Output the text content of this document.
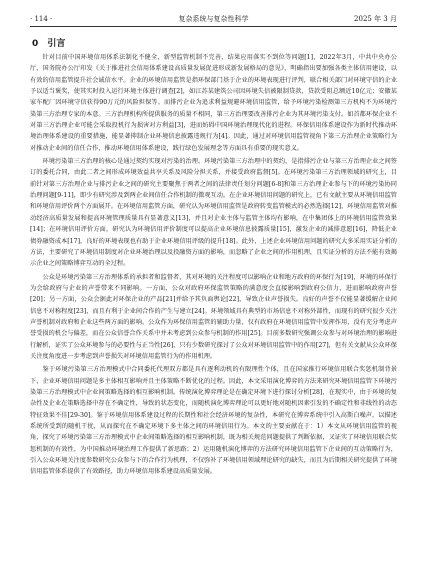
· 114 ·	复杂系统与复杂性科学	2025 年 3 月
0 引言

针对目前中国环境信用体系法制化不健全、新型监管机制不完善，结果应用落实不到位等问题[1]，2022年3月，中共中央办公厅、国务院办公厅印发《关于推进社会信用体系建设高质量发展促进形成新发展格局的意见》，明确指出要加强各类主体信用建设，以有效的信用监管提升社会诚信水平。企业的环境信用监管是指环保部门基于企业的环境表现进行评判，联合相关部门对环境守信的企业予以适当褒奖，使其实时投入运行环境主体进行调查[2]，如江苏某建筑公司因环境失信被限制贷款，贷款受阻总额近10亿元；安徽某家车配厂因环境守信获得90万元的风险担保等。而排污企业为追求利益规避环境信用监管，给予环境污染检测第三方机构不为环境污染第三方治理专家的本意。三方治理机构所提供服务的质量不相同，第三方治理要改善排污企业为其环境污染支付。如首都环保企业不对第三方治理企业可能会采取投机行为损害对方利益[3]，进而妨碍中国环境治理现代化的进程。环保信用体系建设作为新时代推动环境治理体系建设的重要措施，能显著抑制企业环境信息披露违规行为[4]。因此，通过对环境信用监管视角下第三方治理企业策略行为对推动企业间的信任合作，推动环境信用体系建设，践行绿色发展理念等方面具有重要的现实意义。

环境污染第三方治理的核心是通过契约实现对污染的治理。环境污染第三方治理中的契约，是指排污企业与第三方治理企业之间签订的委托合同，由此二者之间形成环境效益共享关系及风险分担关系，并接受政府监督[5]。在环境污染第三方治理领域的研究上，目前针对第三方治理企业与排污企业之间的研究主要聚焦于两者之间的法律责任划分问题[6-8]和第三方治理企业参与下的环境污染协同治理问题[9-11]，即少有研究涉及到两企业间信任合作机制的微观互动。在企业环境信用问题的研究上，已有文献主要从环境信用监管和环境信用评价两个方面展开。在环境信用监管方面，研究认为环境信用监管是政府转变监管模式的必然选择[12]，环境信用监管对推动经济高质量发展和提高环境管理质量具有显著意义[13]，并且对企业主体与监管主体均有影响，在中集团体上的环境信用监管效果[14]；在环境信用评价方面，研究认为环境信用评价制度可以提高企业环境信息披露质量[15]，激发企业的减排意愿[16]，降低企业债券融资成本[17]，良好的环境表现也有助于企业环境信用评级的提升[18]。此外，上述企业环境信用问题的研究大多采用实证分析的方法，主要研究了环境信用制度对企业环境治理以及投融资方面的影响，而忽略了企业之间的作用机理，且实证分析的方法不能有效揭示企业之间策略博弈互动的全过程。

公众是环境污染第三方治理体系的承担者和监督者，其对环境的关注程度可以影响企业和地方政府的环保行为[19]，环境的环保行为会给政府与企业的声誉带来不同影响。一方面，公众对政府环保监管策略的满意度会直接影响到政府公信力，进而影响政府声誉[20]；另一方面，公众会据此对环保企业的产品[21]并给予其负面舆论[22]，导致企业声誉损失。良好的声誉不仅能显著缓解企业间信息不对称程度[23]，而且有利于企业间合作的产生与建立[24]。环境领域具有典型的市场信息不对称外部性，而现有的研究很少关注声誉机制对政府和企业这些两方面的影响。公众作为环保信用监管的辅助力量，仅有政府在环境信用监管中发挥作用，没有充分考虑声誉受损的机会与偏差，而在公众信誉合作关系中并未考虑到公众参与机制的作用[25]。目前多数研究强调公众参与对环境治理的影响进行解析，证实了公众环境参与的必要性与正当性[26]，只有少数研究探讨了公众对环境信用监管中的作用[27]，但有关文献从公众环保关注度角度进一步考虑到声誉损失对环境信用监管行为的作用机理。

鉴于环境污染第三方治理模式中合同委托代理双方都是具有逐利动机的有限理性个体，且在国家推行环境信用联合奖惩机制背景下，企业环境信用问题是多主体相互影响并且主体策略不断优化的过程。因此，本文采用演化博弈的方法来研究环境信用监管下环境污染第三方治理模式中企业间策略选择的相互影响机制。传统演化博弈理论是在确定环境下进行探讨分析[28]，在现实中，由于环境的复杂性及企业在策略选择中存在不确定性，导致的状态变化，而随机演化博弈理论可以更好地对随机因素引发的不确定性和非线性的动态特征效果不佳[29-30]。鉴于环境信用体系建设过程的长期性和社会经济环境的复杂性，本研究在博弈系统中引入高斯白噪声，以描述系统所受到的随机干扰，从而探究在不确定环境下多主体之间的环境信用行为。本文的主要贡献在于：1）本文从环境信用监管的视角，探究了环境污染第三方治理模式中企业间策略选择的相互影响机制，既为相关规范问题提供了判断依据，又证实了环境信用联合奖惩机制的有效性，为中国推动环境治理工作提供了新思路；2）运用随机演化博弈的方法研究环境信用监管下企业间的互动策略行为，引入公众环境关注度参数研究公众参与下的合作行为机理，不仅弥补了环境信用领域理论研究的缺失，而且为后期相关研究提供了环境信用监管体系提供了有效路径，助力环境信用体系建设高质量发展。
